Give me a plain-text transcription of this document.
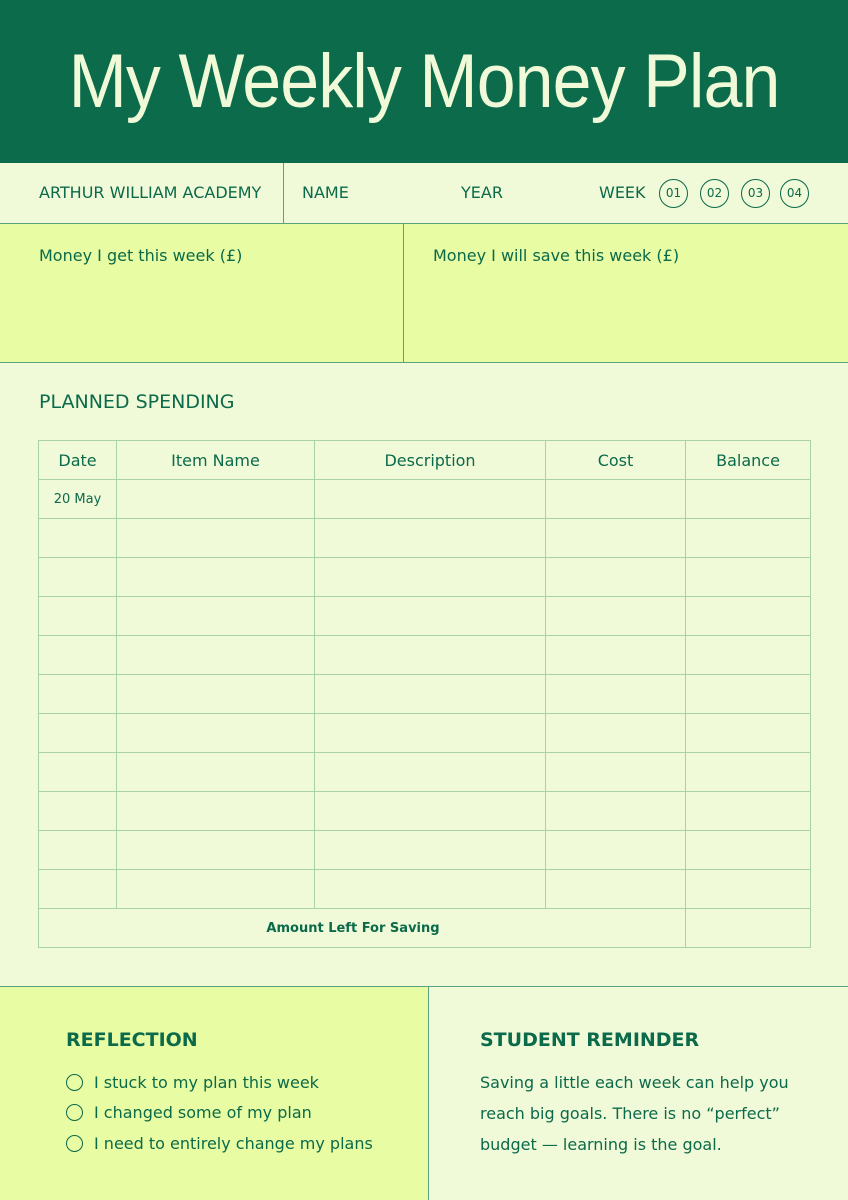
My Weekly Money Plan
ARTHUR WILLIAM ACADEMY	NAME	YEAR	WEEK	01	02	03	04
Money I get this week (£)	Money I will save this week (£)
PLANNED SPENDING
Date	Item Name	Description	Cost	Balance
20 May				

Amount Left For Saving				
REFLECTION
I stuck to my plan this week
I changed some of my plan
I need to entirely change my plans
STUDENT REMINDER
Saving a little each week can help you reach big goals. There is no “perfect” budget — learning is the goal.
